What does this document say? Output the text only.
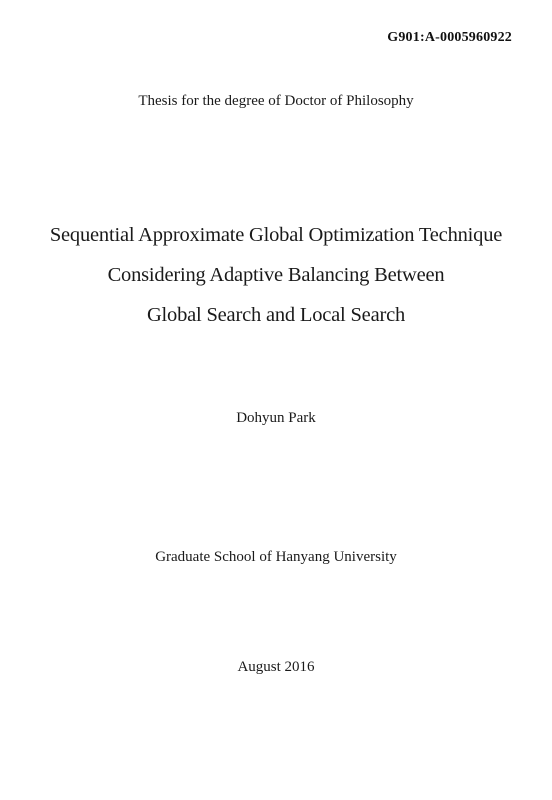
G901:A-0005960922
Thesis for the degree of Doctor of Philosophy
Sequential Approximate Global Optimization Technique
Considering Adaptive Balancing Between
Global Search and Local Search
Dohyun Park
Graduate School of Hanyang University
August 2016
